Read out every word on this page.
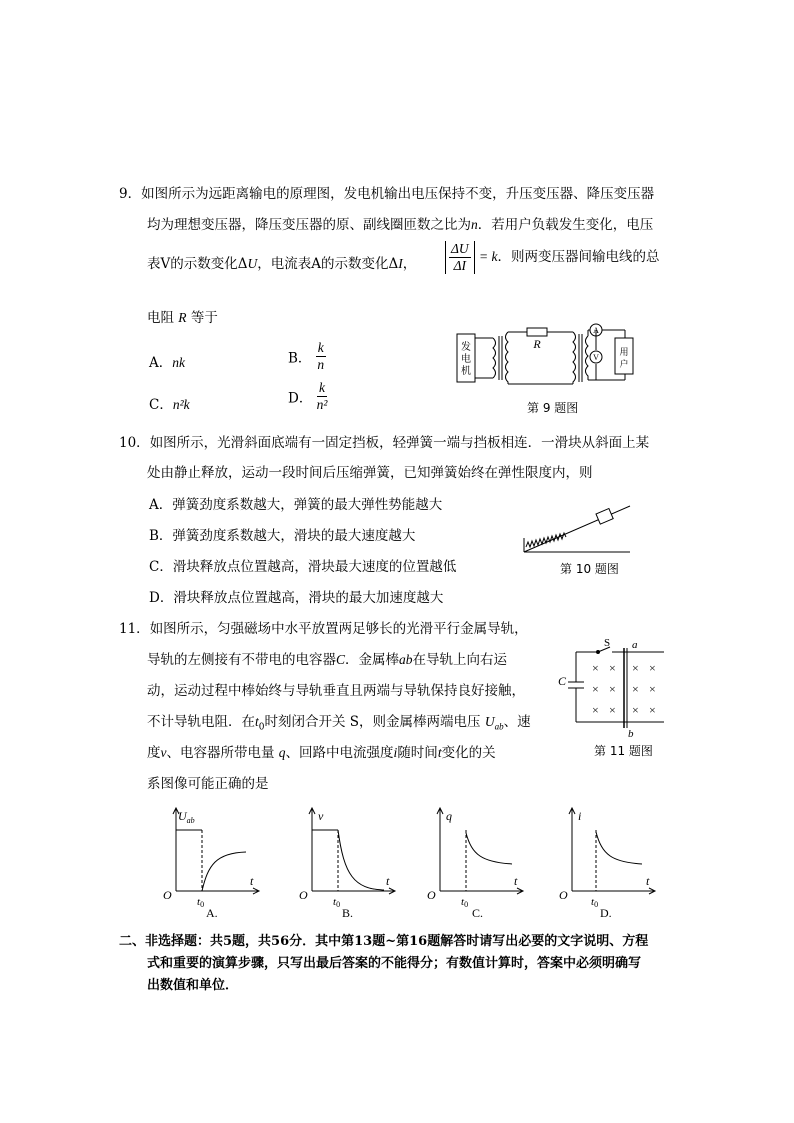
9．如图所示为远距离输电的原理图，发电机输出电压保持不变，升压变压器、降压变压器
均为理想变压器，降压变压器的原、副线圈匝数之比为n．若用户负载发生变化，电压
表V的示数变化ΔU，电流表A的示数变化ΔI， $\frac{\Delta U}{\Delta I} = k$．则两变压器间输电线的总
电阻 R 等于
A．nk	B． $\frac{k}{n}$
C．n²k	D． $\frac{k}{\text{n²}}$
发
电
机
R
A
V
用
户
第 9 题图
10．如图所示，光滑斜面底端有一固定挡板，轻弹簧一端与挡板相连．一滑块从斜面上某
处由静止释放，运动一段时间后压缩弹簧，已知弹簧始终在弹性限度内，则
A．弹簧劲度系数越大，弹簧的最大弹性势能越大
B．弹簧劲度系数越大，滑块的最大速度越大
C．滑块释放点位置越高，滑块最大速度的位置越低
D．滑块释放点位置越高，滑块的最大加速度越大
第 10 题图
11．如图所示，匀强磁场中水平放置两足够长的光滑平行金属导轨，
导轨的左侧接有不带电的电容器C．金属棒ab在导轨上向右运
动，运动过程中棒始终与导轨垂直且两端与导轨保持良好接触，
不计导轨电阻．在$t_0$时刻闭合开关 S，则金属棒两端电压 $U_{ab}$、速
度v、电容器所带电量 q、回路中电流强度i随时间t变化的关
系图像可能正确的是
S a
b
C
× × × ×
× × × ×
× × × ×
第 11 题图
$U_{ab}$
t
O t0
A.
v
t
O t0
B.
q
t
O t0
C.
i
t
O t0
D.
二、非选择题：共5题，共56分．其中第13题~第16题解答时请写出必要的文字说明、方程
式和重要的演算步骤，只写出最后答案的不能得分；有数值计算时，答案中必须明确写
出数值和单位．
